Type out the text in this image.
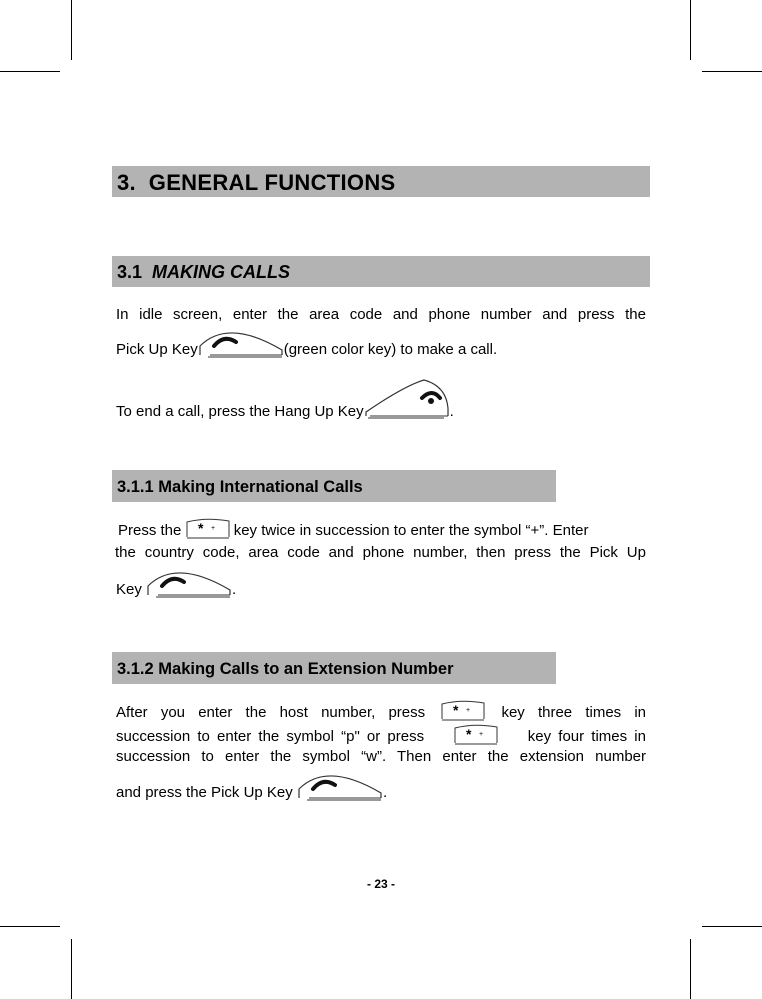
3. GENERAL FUNCTIONS
3.1 MAKING CALLS
In idle screen, enter the area code and phone number and press the
Pick Up Key	(green color key) to make a call.
To end a call, press the Hang Up Key	.
3.1.1 Making International Calls
Press the * + key twice in succession to enter the symbol “+”. Enter
the country code, area code and phone number, then press the Pick Up
Key	.
3.1.2 Making Calls to an Extension Number
After you enter the host number, press * + key three times in
succession to enter the symbol “p" or press	* +	key four times in
succession to enter the symbol “w”. Then enter the extension number
and press the Pick Up Key	.
- 23 -
